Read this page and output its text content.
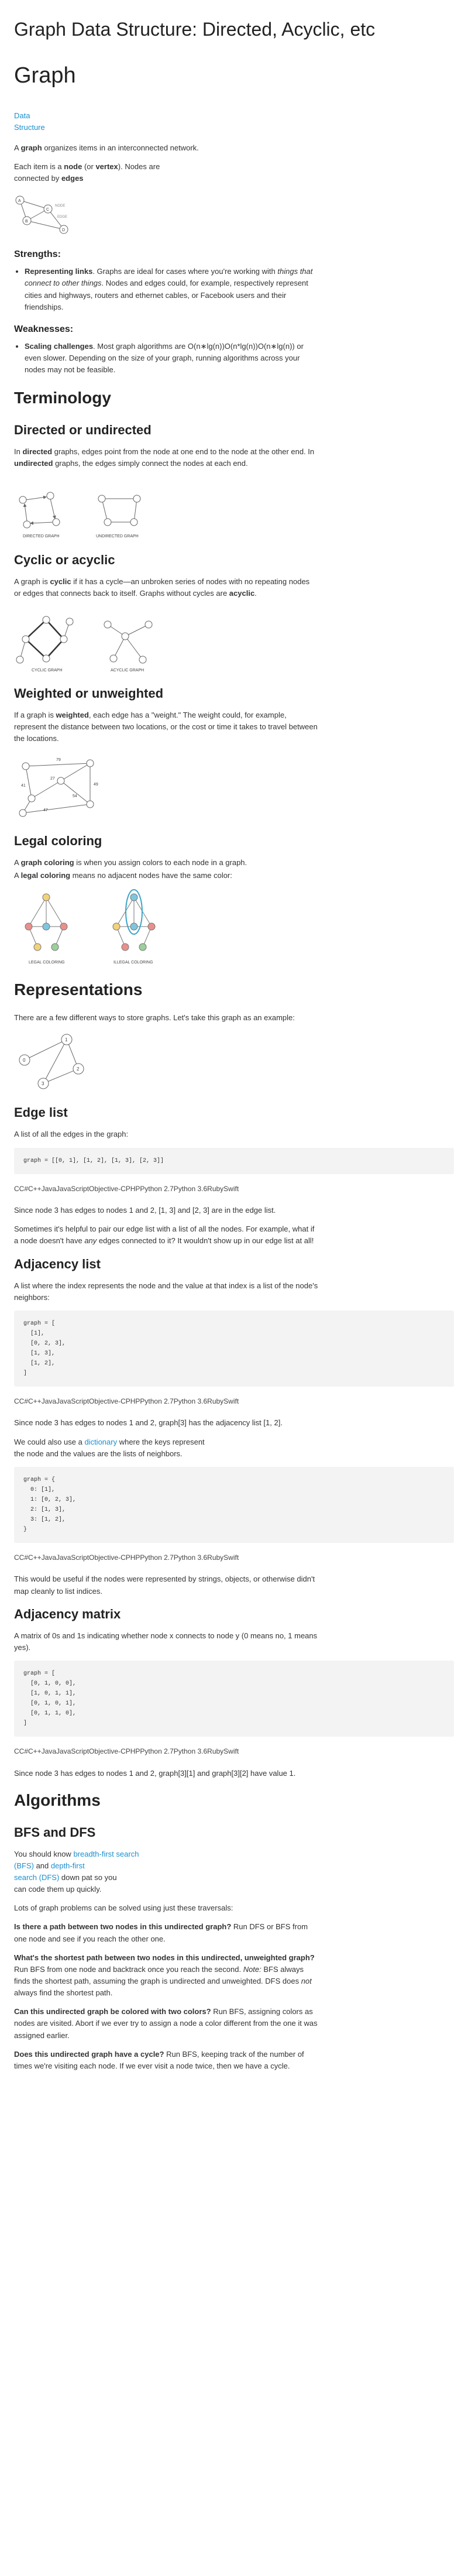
Graph Data Structure: Directed, Acyclic, etc
Graph
Data
Structure

A graph organizes items in an interconnected network.

Each item is a node (or vertex). Nodes are connected by edges

A
B
C
D
NODE
EDGE
Strengths:
• Representing links. Graphs are ideal for cases where you're working with things that connect to other things. Nodes and edges could, for example, respectively represent cities and highways, routers and ethernet cables, or Facebook users and their friendships.
Weaknesses:
• Scaling challenges. Most graph algorithms are O(n∗lg(n))O(n*lg(n))O(n∗lg(n)) or even slower. Depending on the size of your graph, running algorithms across your nodes may not be feasible.
Terminology
Directed or undirected

In directed graphs, edges point from the node at one end to the node at the other end. In undirected graphs, the edges simply connect the nodes at each end.

DIRECTED GRAPH	UNDIRECTED GRAPH
Cyclic or acyclic

A graph is cyclic if it has a cycle—an unbroken series of nodes with no repeating nodes or edges that connects back to itself. Graphs without cycles are acyclic.

CYCLIC GRAPH	ACYCLIC GRAPH
Weighted or unweighted

If a graph is weighted, each edge has a "weight." The weight could, for example, represent the distance between two locations, or the cost or time it takes to travel between the locations.

79
27
41	49
54
47
Legal coloring

A graph coloring is when you assign colors to each node in a graph.

A legal coloring means no adjacent nodes have the same color:

LEGAL COLORING	ILLEGAL COLORING
Representations

There are a few different ways to store graphs. Let's take this graph as an example:

0
1
2
3
Edge list

A list of all the edges in the graph:

graph = [[0, 1], [1, 2], [1, 3], [2, 3]]
CC#C++JavaJavaScriptObjective-CPHPPython 2.7Python 3.6RubySwift

Since node 3 has edges to nodes 1 and 2, [1, 3] and [2, 3] are in the edge list.

Sometimes it's helpful to pair our edge list with a list of all the nodes. For example, what if a node doesn't have any edges connected to it? It wouldn't show up in our edge list at all!

Adjacency list

A list where the index represents the node and the value at that index is a list of the node's neighbors:

graph = [
[1],
[0, 2, 3],
[1, 3],
[1, 2],
]
CC#C++JavaJavaScriptObjective-CPHPPython 2.7Python 3.6RubySwift

Since node 3 has edges to nodes 1 and 2, graph[3] has the adjacency list [1, 2].

We could also use a dictionary where the keys represent the node and the values are the lists of neighbors.

graph = {
0: [1],
1: [0, 2, 3],
2: [1, 3],
3: [1, 2],
}
CC#C++JavaJavaScriptObjective-CPHPPython 2.7Python 3.6RubySwift

This would be useful if the nodes were represented by strings, objects, or otherwise didn't map cleanly to list indices.

Adjacency matrix

A matrix of 0s and 1s indicating whether node x connects to node y (0 means no, 1 means yes).

graph = [
[0, 1, 0, 0],
[1, 0, 1, 1],
[0, 1, 0, 1],
[0, 1, 1, 0],
]
CC#C++JavaJavaScriptObjective-CPHPPython 2.7Python 3.6RubySwift

Since node 3 has edges to nodes 1 and 2, graph[3][1] and graph[3][2] have value 1.

Algorithms
BFS and DFS

You should know breadth-first search
(BFS) and depth-first
search (DFS) down pat so you
can code them up quickly.

Lots of graph problems can be solved using just these traversals:

Is there a path between two nodes in this undirected graph? Run DFS or BFS from one node and see if you reach the other one.

What's the shortest path between two nodes in this undirected, unweighted graph? Run BFS from one node and backtrack once you reach the second. Note: BFS always finds the shortest path, assuming the graph is undirected and unweighted. DFS does not always find the shortest path.

Can this undirected graph be colored with two colors? Run BFS, assigning colors as nodes are visited. Abort if we ever try to assign a node a color different from the one it was assigned earlier.

Does this undirected graph have a cycle? Run BFS, keeping track of the number of times we're visiting each node. If we ever visit a node twice, then we have a cycle.
